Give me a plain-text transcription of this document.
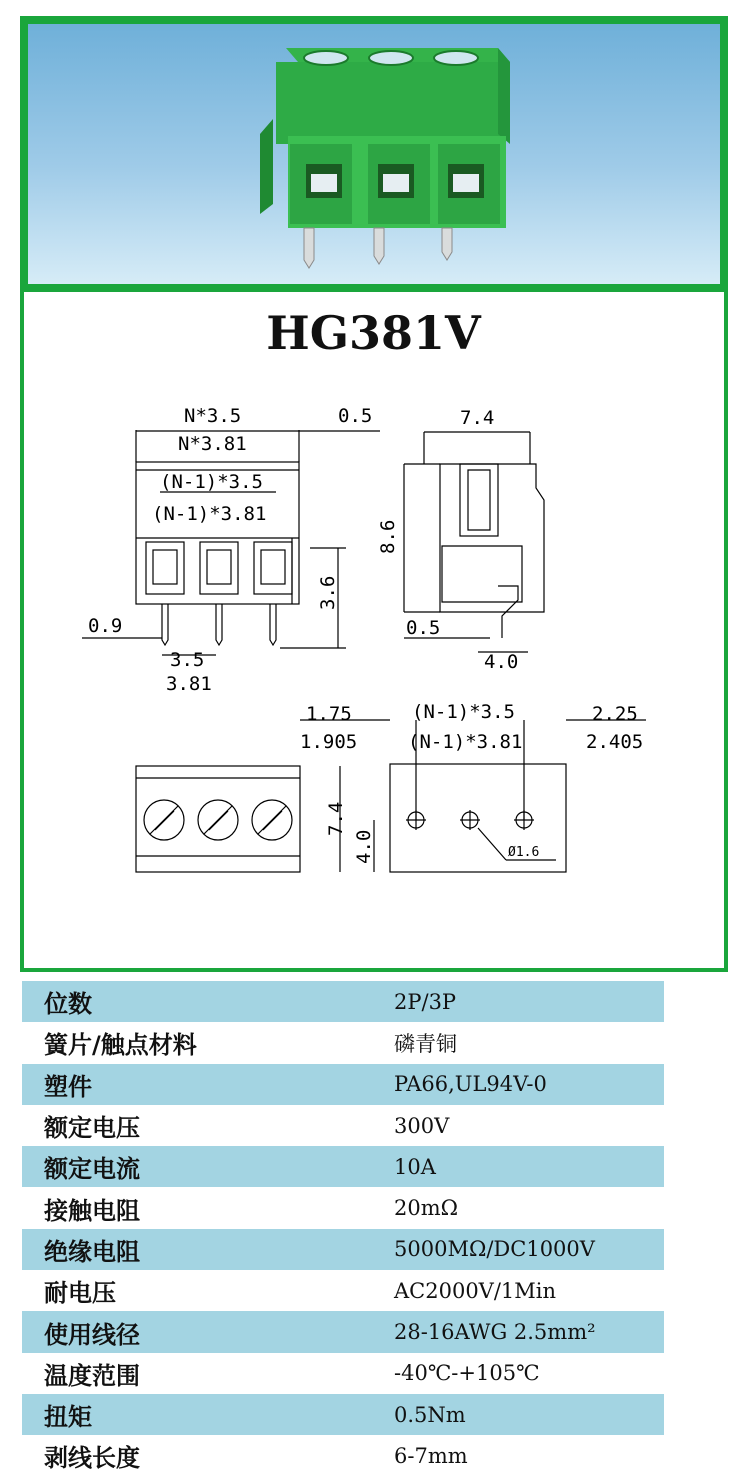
HG381V
N*3.5
N*3.81
0.5
(N-1)*3.5
(N-1)*3.81
3.6
0.9
3.5
3.81
7.4
8.6
0.5
4.0
1.75
1.905
(N-1)*3.5
(N-1)*3.81
2.25
2.405
7.4
4.0	Ø1.6
位数	2P/3P
簧片/触点材料	磷青铜
塑件	PA66,UL94V-0
额定电压	300V
额定电流	10A
接触电阻	20mΩ
绝缘电阻	5000MΩ/DC1000V
耐电压	AC2000V/1Min
使用线径	28-16AWG 2.5mm²
温度范围	-40℃-+105℃
扭矩	0.5Nm
剥线长度	6-7mm
